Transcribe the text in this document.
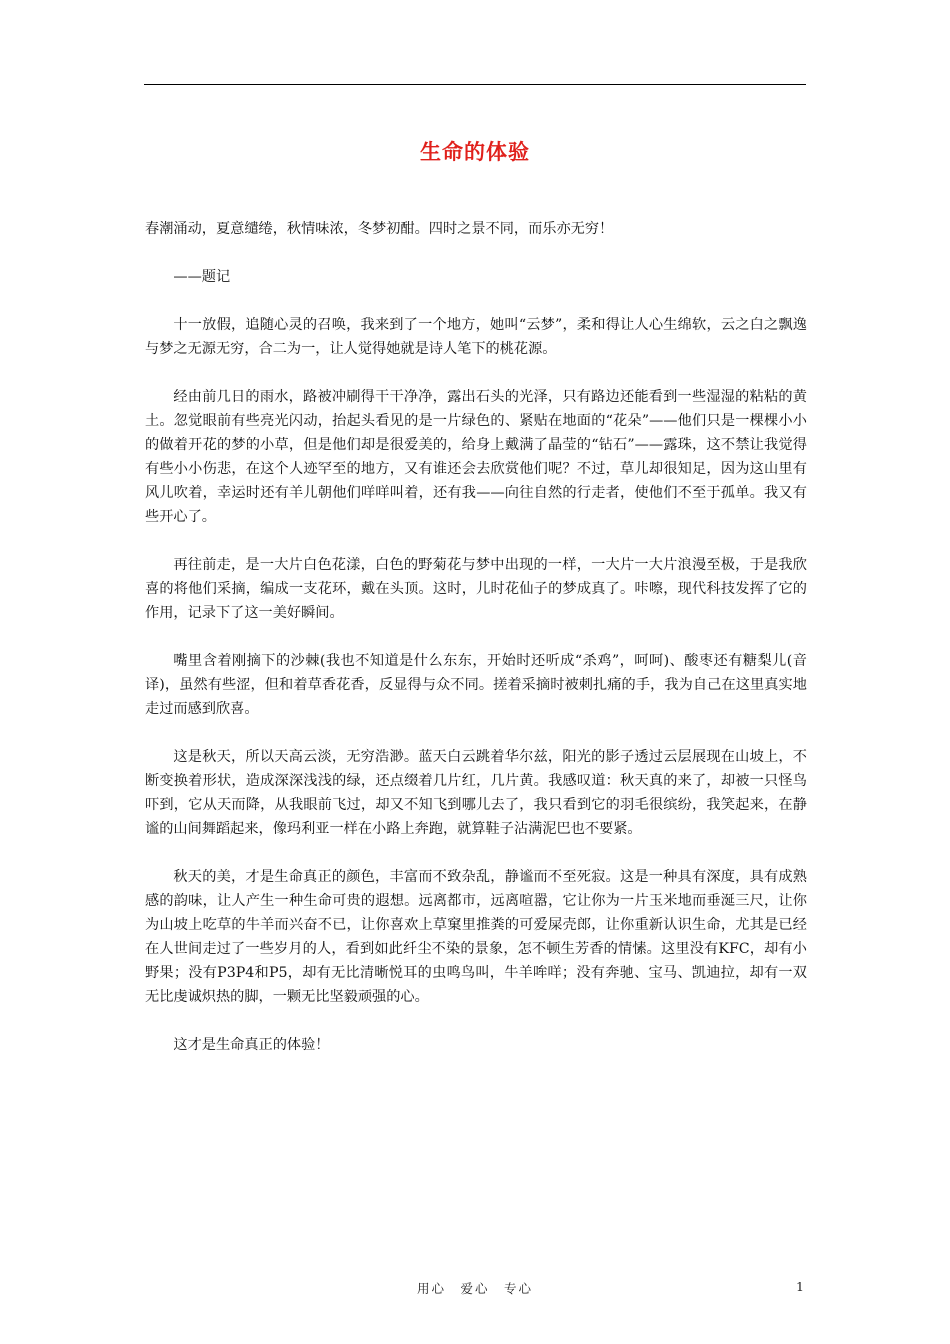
生命的体验

春潮涌动，夏意缱绻，秋情味浓，冬梦初酣。四时之景不同，而乐亦无穷！

——题记

十一放假，追随心灵的召唤，我来到了一个地方，她叫“云梦”，柔和得让人心生绵软，云之白之飘逸与梦之无源无穷，合二为一，让人觉得她就是诗人笔下的桃花源。

经由前几日的雨水，路被冲刷得干干净净，露出石头的光泽，只有路边还能看到一些湿湿的粘粘的黄土。忽觉眼前有些亮光闪动，抬起头看见的是一片绿色的、紧贴在地面的“花朵”——他们只是一棵棵小小的做着开花的梦的小草，但是他们却是很爱美的，给身上戴满了晶莹的“钻石”——露珠，这不禁让我觉得有些小小伤悲，在这个人迹罕至的地方，又有谁还会去欣赏他们呢？不过，草儿却很知足，因为这山里有风儿吹着，幸运时还有羊儿朝他们咩咩叫着，还有我——向往自然的行走者，使他们不至于孤单。我又有些开心了。

再往前走，是一大片白色花漾，白色的野菊花与梦中出现的一样，一大片一大片浪漫至极，于是我欣喜的将他们采摘，编成一支花环，戴在头顶。这时，儿时花仙子的梦成真了。咔嚓，现代科技发挥了它的作用，记录下了这一美好瞬间。

嘴里含着刚摘下的沙棘(我也不知道是什么东东，开始时还听成“杀鸡”，呵呵)、酸枣还有糖梨儿(音译)，虽然有些涩，但和着草香花香，反显得与众不同。搓着采摘时被刺扎痛的手，我为自己在这里真实地走过而感到欣喜。

这是秋天，所以天高云淡，无穷浩渺。蓝天白云跳着华尔兹，阳光的影子透过云层展现在山坡上，不断变换着形状，造成深深浅浅的绿，还点缀着几片红，几片黄。我感叹道：秋天真的来了，却被一只怪鸟吓到，它从天而降，从我眼前飞过，却又不知飞到哪儿去了，我只看到它的羽毛很缤纷，我笑起来，在静谧的山间舞蹈起来，像玛利亚一样在小路上奔跑，就算鞋子沾满泥巴也不要紧。

秋天的美，才是生命真正的颜色，丰富而不致杂乱，静谧而不至死寂。这是一种具有深度，具有成熟感的韵味，让人产生一种生命可贵的遐想。远离都市，远离喧嚣，它让你为一片玉米地而垂涎三尺，让你为山坡上吃草的牛羊而兴奋不已，让你喜欢上草窠里推粪的可爱屎壳郎，让你重新认识生命，尤其是已经在人世间走过了一些岁月的人，看到如此纤尘不染的景象，怎不顿生芳香的情愫。这里没有KFC，却有小野果；没有P3P4和P5，却有无比清晰悦耳的虫鸣鸟叫，牛羊哞咩；没有奔驰、宝马、凯迪拉，却有一双无比虔诚炽热的脚，一颗无比坚毅顽强的心。

这才是生命真正的体验！

用心　爱心　专心	1
